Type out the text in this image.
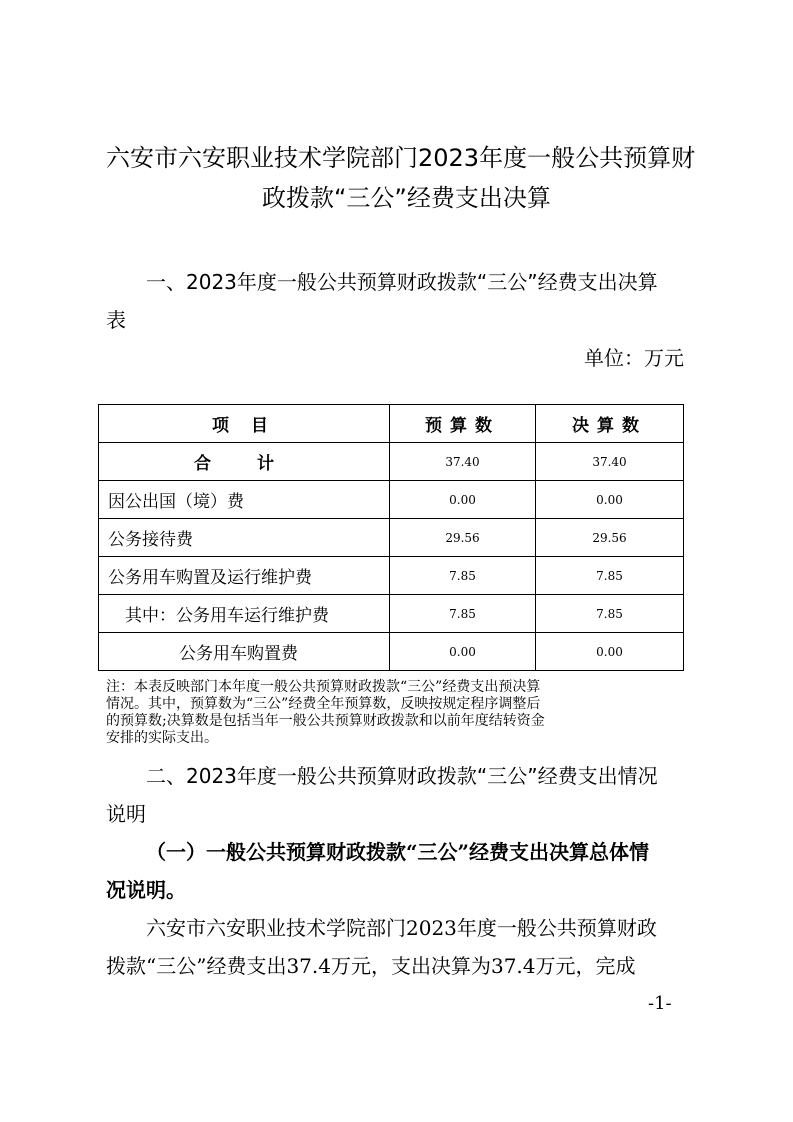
六安市六安职业技术学院部门2023年度一般公共预算财
政拨款“三公”经费支出决算
一、2023年度一般公共预算财政拨款“三公”经费支出决算
表
单位：万元
项 目	预算数	决算数
合 计	37.40	37.40
因公出国（境）费	0.00	0.00
公务接待费	29.56	29.56
公务用车购置及运行维护费	7.85	7.85
其中：公务用车运行维护费	7.85	7.85
公务用车购置费	0.00	0.00
注：本表反映部门本年度一般公共预算财政拨款“三公”经费支出预决算
情况。其中，预算数为“三公”经费全年预算数，反映按规定程序调整后
的预算数;决算数是包括当年一般公共预算财政拨款和以前年度结转资金
安排的实际支出。
二、2023年度一般公共预算财政拨款“三公”经费支出情况
说明
（一）一般公共预算财政拨款“三公”经费支出决算总体情
况说明。
六安市六安职业技术学院部门2023年度一般公共预算财政
拨款“三公”经费支出37.4万元，支出决算为37.4万元，完成
-1-
